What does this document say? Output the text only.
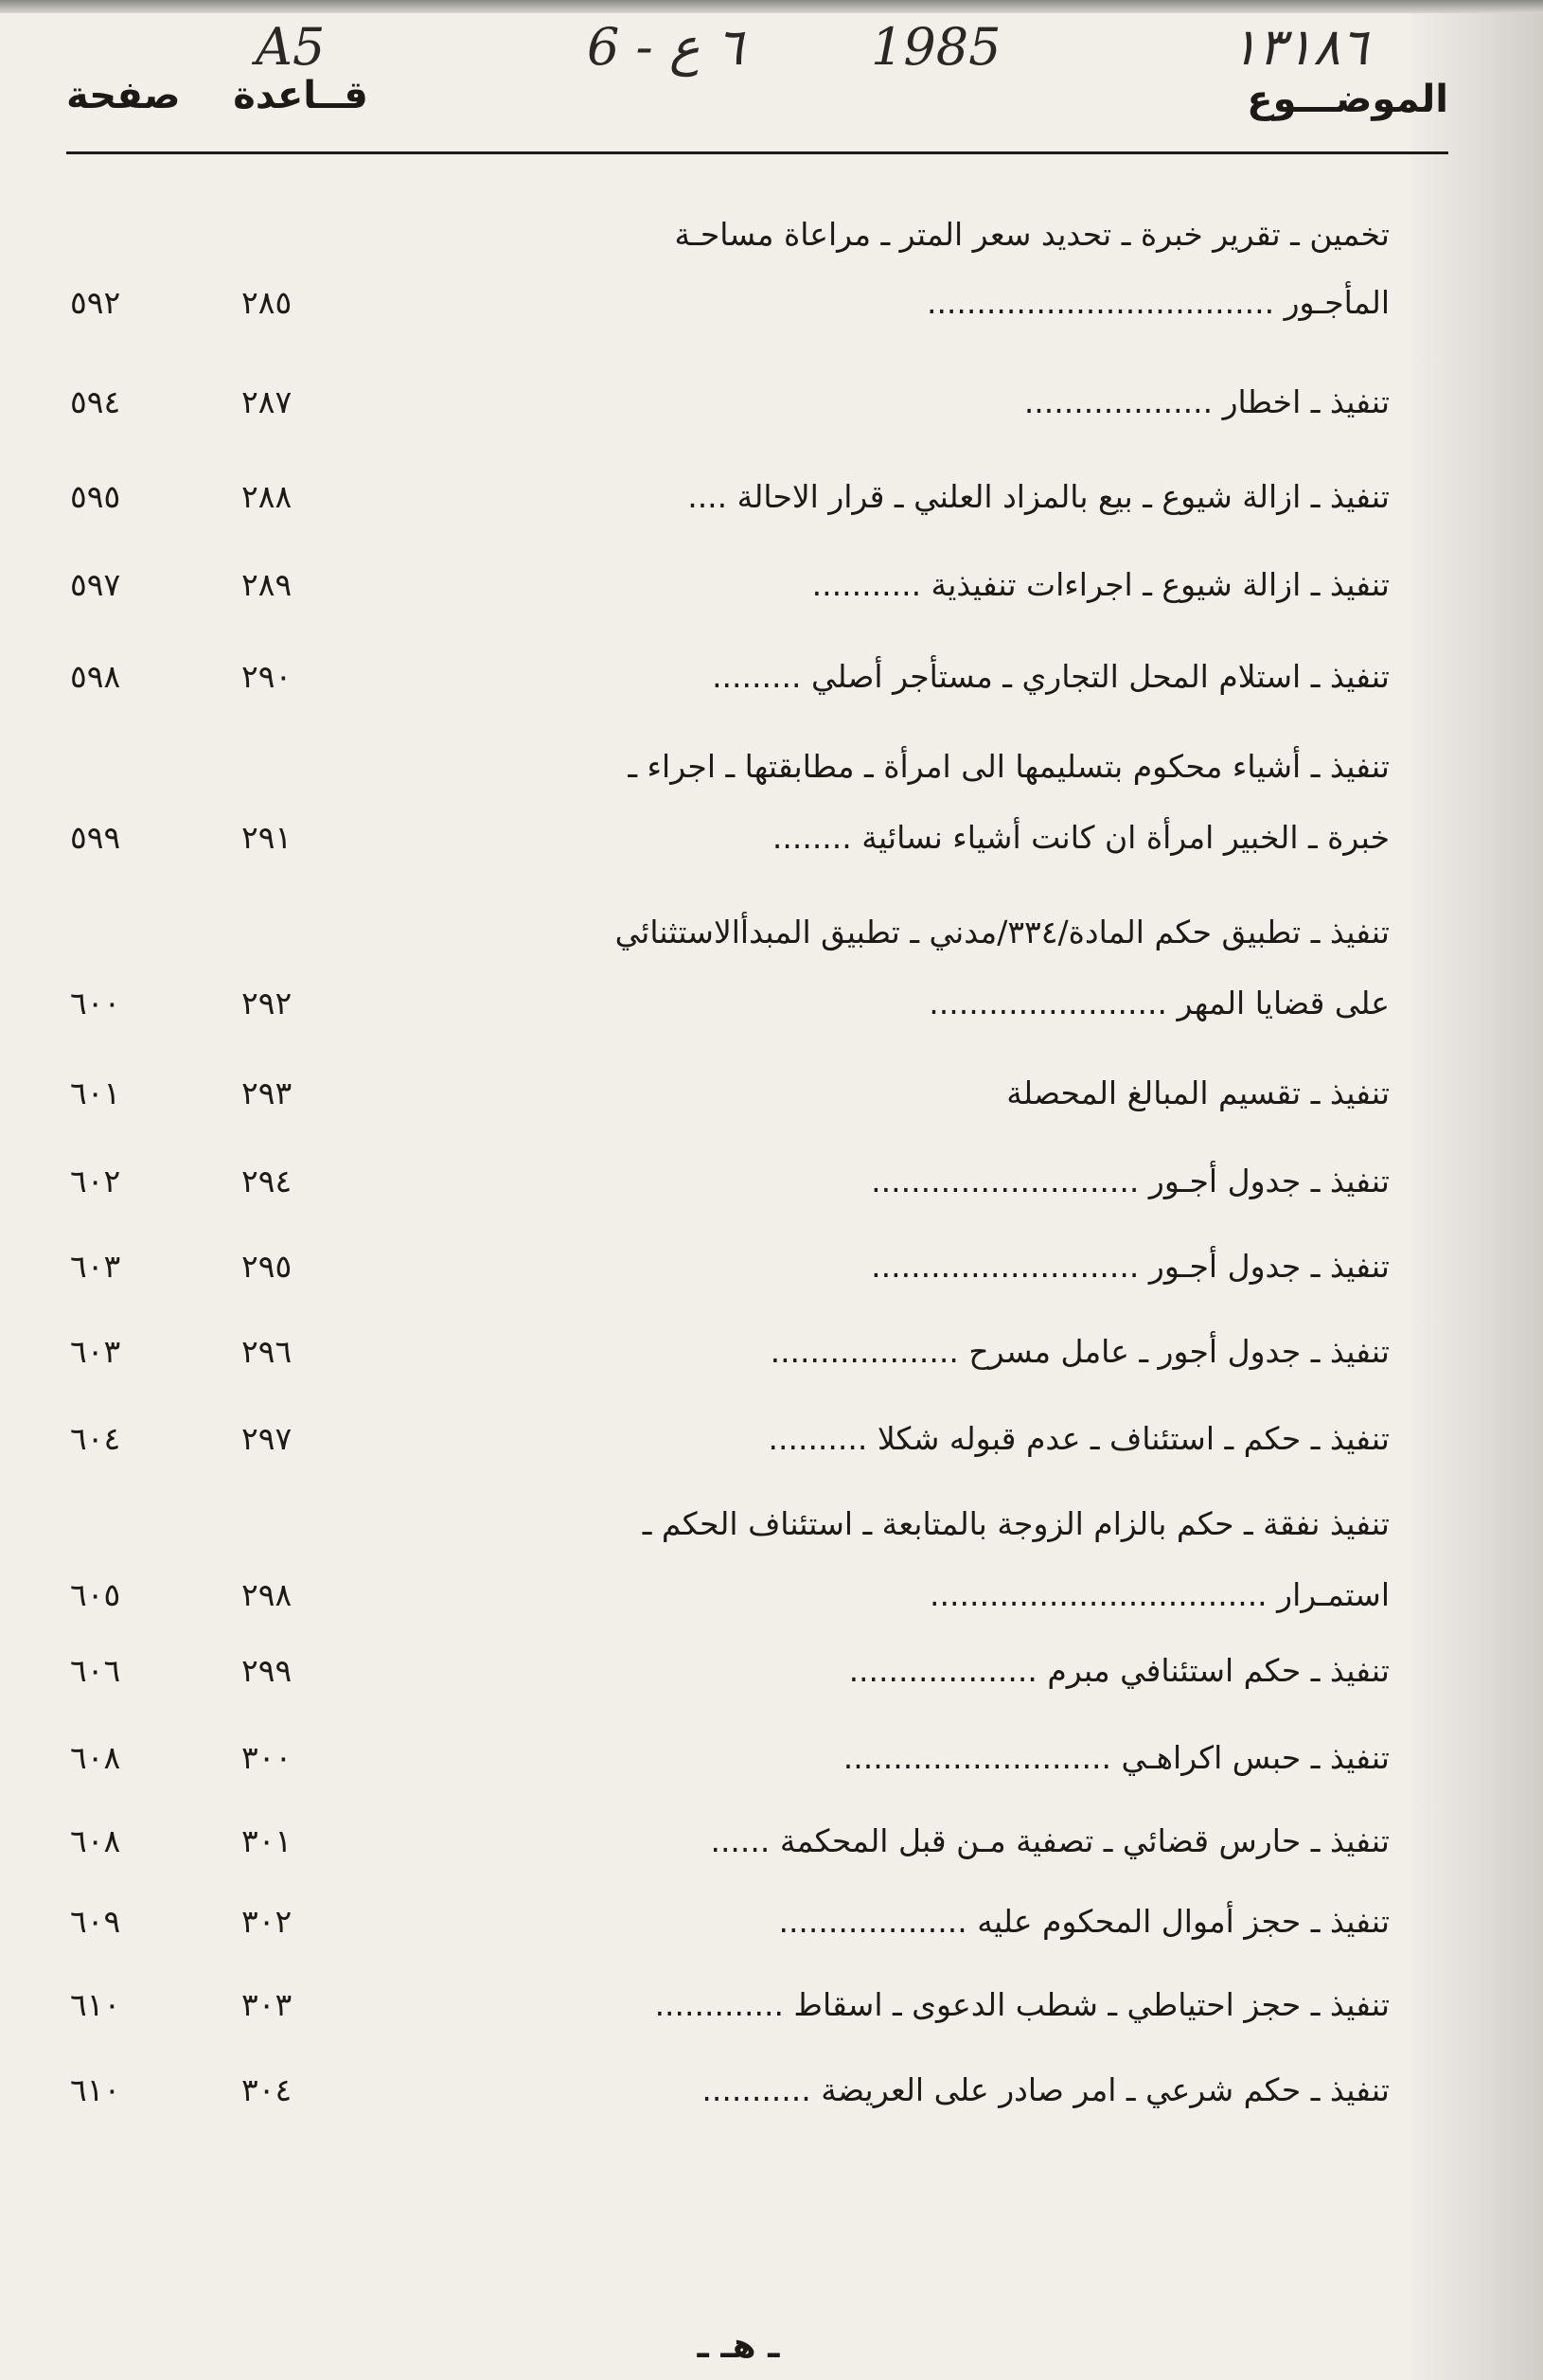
A5	6 - ٦ ع 1985	١٣١٨٦
الموضـــوع
قــاعدة    صفحة
تخمين ـ تقرير خبرة ـ تحديد سعر المتر ـ مراعاة مساحـة
المأجـور ...................................
٢٨٥
٥٩٢
تنفيذ ـ اخطار ...................
٢٨٧
٥٩٤
تنفيذ ـ ازالة شيوع ـ بيع بالمزاد العلني ـ قرار الاحالة ....
٢٨٨
٥٩٥
تنفيذ ـ ازالة شيوع ـ اجراءات تنفيذية ...........
٢٨٩
٥٩٧
تنفيذ ـ استلام المحل التجاري ـ مستأجر أصلي .........
٢٩٠
٥٩٨
تنفيذ ـ أشياء محكوم بتسليمها الى امرأة ـ مطابقتها ـ اجراء ـ
خبرة ـ الخبير امرأة ان كانت أشياء نسائية ........
٢٩١
٥٩٩
تنفيذ ـ تطبيق حكم المادة/٣٣٤/مدني ـ تطبيق المبدأالاستثنائي
على قضايا المهر ........................
٢٩٢
٦٠٠
تنفيذ ـ تقسيم المبالغ المحصلة
٢٩٣
٦٠١
تنفيذ ـ جدول أجـور ...........................
٢٩٤
٦٠٢
تنفيذ ـ جدول أجـور ...........................
٢٩٥
٦٠٣
تنفيذ ـ جدول أجور ـ عامل مسرح ...................
٢٩٦
٦٠٣
تنفيذ ـ حكم ـ استئناف ـ عدم قبوله شكلا ..........
٢٩٧
٦٠٤
تنفيذ نفقة ـ حكم بالزام الزوجة بالمتابعة ـ استئناف الحكم ـ
استمـرار ..................................
٢٩٨
٦٠٥
تنفيذ ـ حكم استئنافي مبرم ...................
٢٩٩
٦٠٦
تنفيذ ـ حبس اكراهـي ...........................
٣٠٠
٦٠٨
تنفيذ ـ حارس قضائي ـ تصفية مـن قبل المحكمة ......
٣٠١
٦٠٨
تنفيذ ـ حجز أموال المحكوم عليه ...................
٣٠٢
٦٠٩
تنفيذ ـ حجز احتياطي ـ شطب الدعوى ـ اسقاط .............
٣٠٣
٦١٠
تنفيذ ـ حكم شرعي ـ امر صادر على العريضة ...........
٣٠٤
٦١٠
ـ هـ ـ
